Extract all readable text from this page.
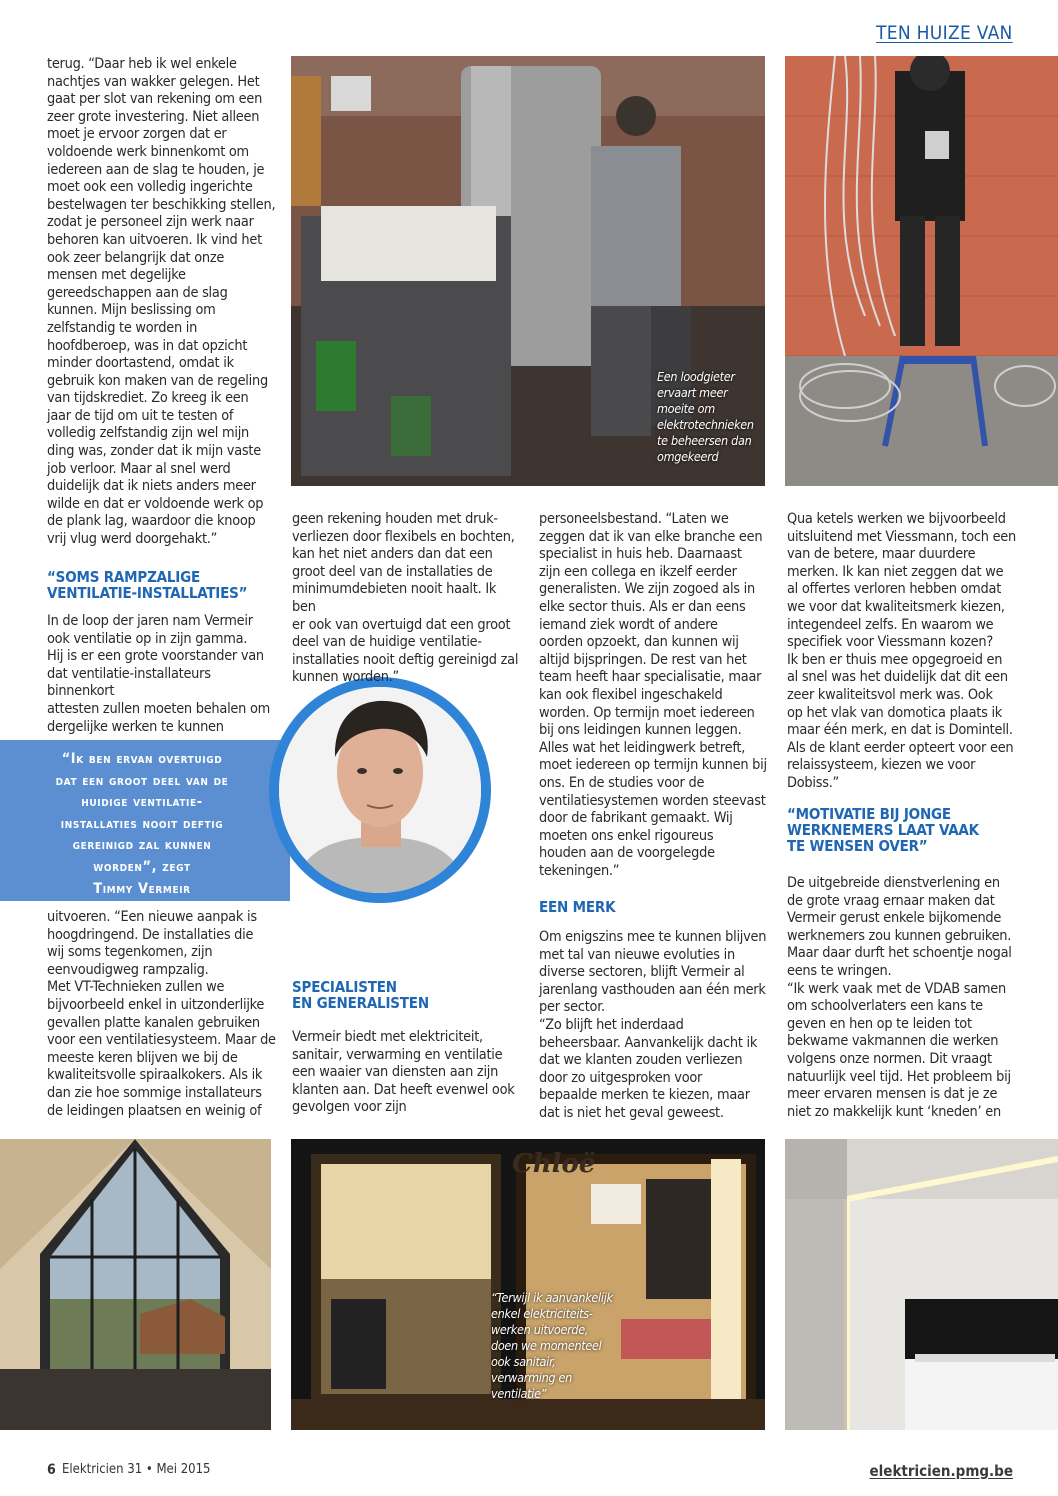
TEN HUIZE VAN
Een loodgieter
ervaart meer
moeite om
elektrotechnieken
te beheersen dan
omgekeerd

terug. “Daar heb ik wel enkele
nachtjes van wakker gelegen. Het
gaat per slot van rekening om een
zeer grote investering. Niet alleen
moet je ervoor zorgen dat er
voldoende werk binnenkomt om
iedereen aan de slag te houden, je
moet ook een volledig ingerichte
bestelwagen ter beschikking stellen,
zodat je personeel zijn werk naar
behoren kan uitvoeren. Ik vind het
ook zeer belangrijk dat onze
mensen met degelijke
gereedschappen aan de slag
kunnen. Mijn beslissing om
zelfstandig te worden in
hoofdberoep, was in dat opzicht
minder doortastend, omdat ik
gebruik kon maken van de regeling
van tijdskrediet. Zo kreeg ik een
jaar de tijd om uit te testen of
volledig zelfstandig zijn wel mijn
ding was, zonder dat ik mijn vaste
job verloor. Maar al snel werd
duidelijk dat ik niets anders meer
wilde en dat er voldoende werk op
de plank lag, waardoor die knoop
vrij vlug werd doorgehakt.”

“SOMS RAMPZALIGE
VENTILATIE-INSTALLATIES”

In de loop der jaren nam Vermeir
ook ventilatie op in zijn gamma.
Hij is er een grote voorstander van
dat ventilatie-installateurs binnenkort
attesten zullen moeten behalen om
dergelijke werken te kunnen

“Ik ben ervan overtuigd
dat een groot deel van de
huidige ventilatie-
installaties nooit deftig
gereinigd zal kunnen
worden”, zegt
Timmy Vermeir

uitvoeren. “Een nieuwe aanpak is
hoogdringend. De installaties die
wij soms tegenkomen, zijn
eenvoudigweg rampzalig.
Met VT-Technieken zullen we
bijvoorbeeld enkel in uitzonderlijke
gevallen platte kanalen gebruiken
voor een ventilatiesysteem. Maar de
meeste keren blijven we bij de
kwaliteitsvolle spiraalkokers. Als ik
dan zie hoe sommige installateurs
de leidingen plaatsen en weinig of

geen rekening houden met druk-
verliezen door flexibels en bochten,
kan het niet anders dan dat een
groot deel van de installaties de
minimumdebieten nooit haalt. Ik ben
er ook van overtuigd dat een groot
deel van de huidige ventilatie-
installaties nooit deftig gereinigd zal
kunnen worden.”

SPECIALISTEN
EN GENERALISTEN

Vermeir biedt met elektriciteit,
sanitair, verwarming en ventilatie
een waaier van diensten aan zijn
klanten aan. Dat heeft evenwel ook
gevolgen voor zijn

personeelsbestand. “Laten we
zeggen dat ik van elke branche een
specialist in huis heb. Daarnaast
zijn een collega en ikzelf eerder
generalisten. We zijn zogoed als in
elke sector thuis. Als er dan eens
iemand ziek wordt of andere
oorden opzoekt, dan kunnen wij
altijd bijspringen. De rest van het
team heeft haar specialisatie, maar
kan ook flexibel ingeschakeld
worden. Op termijn moet iedereen
bij ons leidingen kunnen leggen.
Alles wat het leidingwerk betreft,
moet iedereen op termijn kunnen bij
ons. En de studies voor de
ventilatiesystemen worden steevast
door de fabrikant gemaakt. Wij
moeten ons enkel rigoureus
houden aan de voorgelegde
tekeningen.”

EEN MERK

Om enigszins mee te kunnen blijven
met tal van nieuwe evoluties in
diverse sectoren, blijft Vermeir al
jarenlang vasthouden aan één merk
per sector.
“Zo blijft het inderdaad
beheersbaar. Aanvankelijk dacht ik
dat we klanten zouden verliezen
door zo uitgesproken voor
bepaalde merken te kiezen, maar
dat is niet het geval geweest.

Qua ketels werken we bijvoorbeeld
uitsluitend met Viessmann, toch een
van de betere, maar duurdere
merken. Ik kan niet zeggen dat we
al offertes verloren hebben omdat
we voor dat kwaliteitsmerk kiezen,
integendeel zelfs. En waarom we
specifiek voor Viessmann kozen?
Ik ben er thuis mee opgegroeid en
al snel was het duidelijk dat dit een
zeer kwaliteitsvol merk was. Ook
op het vlak van domotica plaats ik
maar één merk, en dat is Domintell.
Als de klant eerder opteert voor een
relaissysteem, kiezen we voor
Dobiss.”

“MOTIVATIE BIJ JONGE
WERKNEMERS LAAT VAAK
TE WENSEN OVER”

De uitgebreide dienstverlening en
de grote vraag ernaar maken dat
Vermeir gerust enkele bijkomende
werknemers zou kunnen gebruiken.
Maar daar durft het schoentje nogal
eens te wringen.
“Ik werk vaak met de VDAB samen
om schoolverlaters een kans te
geven en hen op te leiden tot
bekwame vakmannen die werken
volgens onze normen. Dit vraagt
natuurlijk veel tijd. Het probleem bij
meer ervaren mensen is dat je ze
niet zo makkelijk kunt ‘kneden’ en

Chloë
“Terwijl ik aanvankelijk
enkel elektriciteits-
werken uitvoerde,
doen we momenteel
ook sanitair,
verwarming en
ventilatie”
6 Elektricien 31 • Mei 2015	elektricien.pmg.be
